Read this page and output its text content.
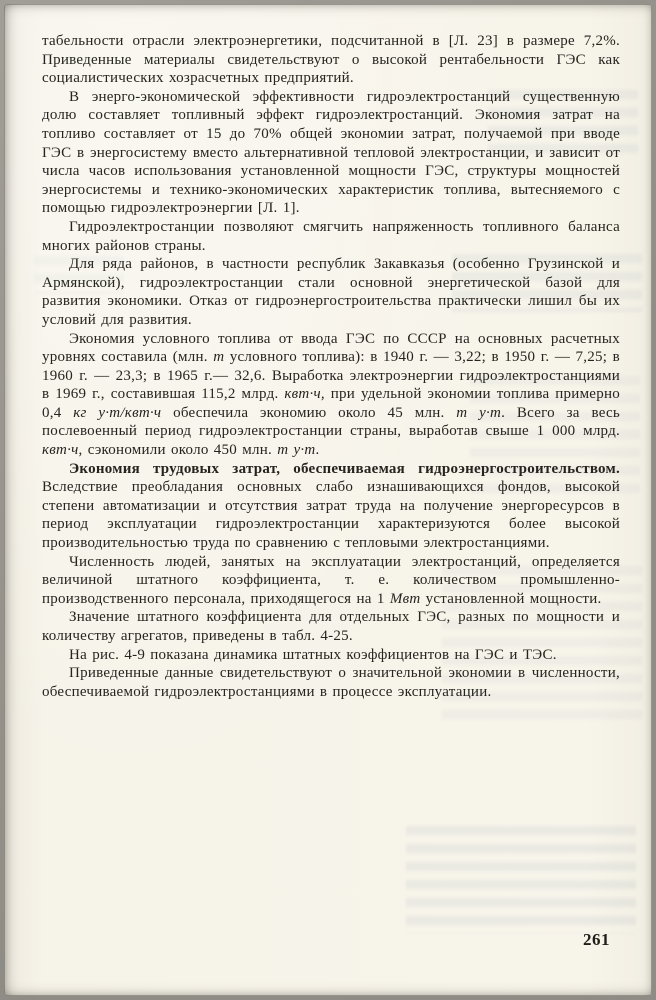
табельности отрасли электроэнергетики, подсчитанной в [Л. 23] в размере 7,2%. Приведенные материалы свидетельствуют о высокой рентабельности ГЭС как социалистических хозрасчетных предприятий.

В энерго-экономической эффективности гидроэлектростанций существенную долю составляет топливный эффект гидроэлектростанций. Экономия затрат на топливо составляет от 15 до 70% общей экономии затрат, получаемой при вводе ГЭС в энергосистему вместо альтернативной тепловой электростанции, и зависит от числа часов использования установленной мощности ГЭС, структуры мощностей энергосистемы и технико-экономических характеристик топлива, вытесняемого с помощью гидроэлектроэнергии [Л. 1].

Гидроэлектростанции позволяют смягчить напряженность топливного баланса многих районов страны.

Для ряда районов, в частности республик Закавказья (особенно Грузинской и Армянской), гидроэлектростанции стали основной энергетической базой для развития экономики. Отказ от гидроэнергостроительства практически лишил бы их условий для развития.

Экономия условного топлива от ввода ГЭС по СССР на основных расчетных уровнях составила (млн. т условного топлива): в 1940 г. — 3,22; в 1950 г. — 7,25; в 1960 г. — 23,3; в 1965 г.— 32,6. Выработка электроэнергии гидроэлектростанциями в 1969 г., составившая 115,2 млрд. квт·ч, при удельной экономии топлива примерно 0,4 кг у·т/квт·ч обеспечила экономию около 45 млн. т у·т. Всего за весь послевоенный период гидроэлектростанции страны, выработав свыше 1 000 млрд. квт·ч, сэкономили около 450 млн. т у·т.

Экономия трудовых затрат, обеспечиваемая гидроэнергостроительством. Вследствие преобладания основных слабо изнашивающихся фондов, высокой степени автоматизации и отсутствия затрат труда на получение энергоресурсов в период эксплуатации гидроэлектростанции характеризуются более высокой производительностью труда по сравнению с тепловыми электростанциями.

Численность людей, занятых на эксплуатации электростанций, определяется величиной штатного коэффициента, т. е. количеством промышленно-производственного персонала, приходящегося на 1 Мвт установленной мощности.

Значение штатного коэффициента для отдельных ГЭС, разных по мощности и количеству агрегатов, приведены в табл. 4-25.

На рис. 4-9 показана динамика штатных коэффициентов на ГЭС и ТЭС.

Приведенные данные свидетельствуют о значительной экономии в численности, обеспечиваемой гидроэлектростанциями в процессе эксплуатации.

261
